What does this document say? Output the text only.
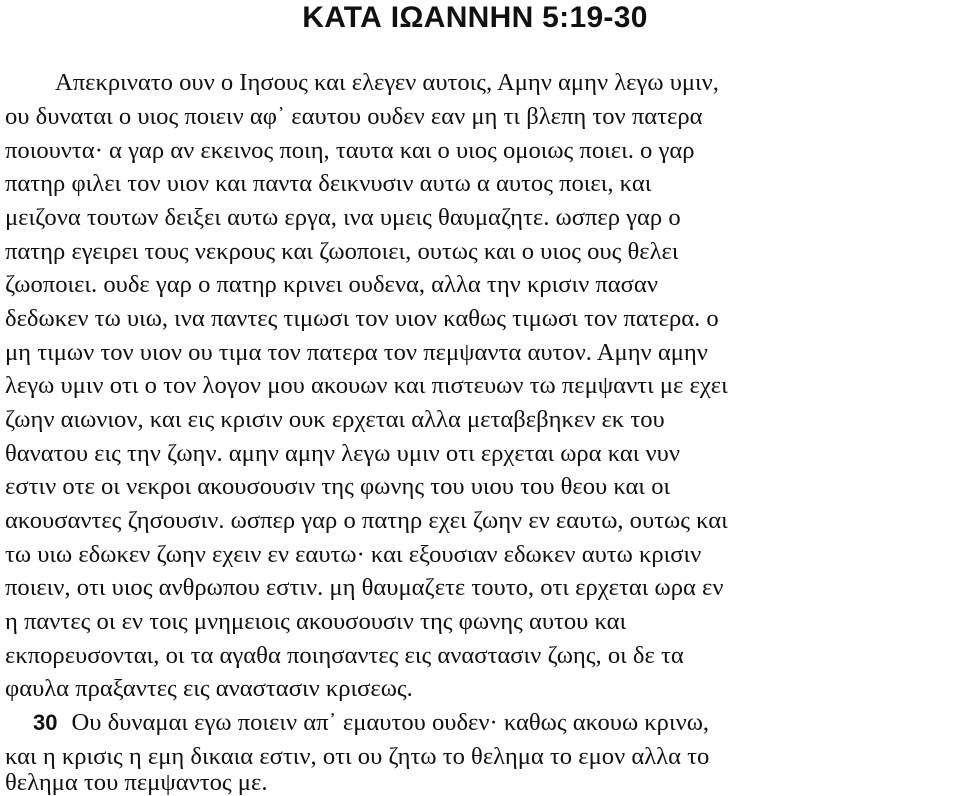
ΚΑΤΑ ΙΩΑΝΝΗΝ 5:19-30
Απεκρινατο ουν ο Ιησους και ελεγεν αυτοις, Αμην αμην λεγω υμιν,
ου δυναται ο υιος ποιειν αφ᾽ εαυτου ουδεν εαν μη τι βλεπη τον πατερα
ποιουντα· α γαρ αν εκεινος ποιη, ταυτα και ο υιος ομοιως ποιει. ο γαρ
πατηρ φιλει τον υιον και παντα δεικνυσιν αυτω α αυτος ποιει, και
μειζονα τουτων δειξει αυτω εργα, ινα υμεις θαυμαζητε. ωσπερ γαρ ο
πατηρ εγειρει τους νεκρους και ζωοποιει, ουτως και ο υιος ους θελει
ζωοποιει. ουδε γαρ ο πατηρ κρινει ουδενα, αλλα την κρισιν πασαν
δεδωκεν τω υιω, ινα παντες τιμωσι τον υιον καθως τιμωσι τον πατερα. ο
μη τιμων τον υιον ου τιμα τον πατερα τον πεμψαντα αυτον. Αμην αμην
λεγω υμιν οτι ο τον λογον μου ακουων και πιστευων τω πεμψαντι με εχει
ζωην αιωνιον, και εις κρισιν ουκ ερχεται αλλα μεταβεβηκεν εκ του
θανατου εις την ζωην. αμην αμην λεγω υμιν οτι ερχεται ωρα και νυν
εστιν οτε οι νεκροι ακουσουσιν της φωνης του υιου του θεου και οι
ακουσαντες ζησουσιν. ωσπερ γαρ ο πατηρ εχει ζωην εν εαυτω, ουτως και
τω υιω εδωκεν ζωην εχειν εν εαυτω· και εξουσιαν εδωκεν αυτω κρισιν
ποιειν, οτι υιος ανθρωπου εστιν. μη θαυμαζετε τουτο, οτι ερχεται ωρα εν
η παντες οι εν τοις μνημειοις ακουσουσιν της φωνης αυτου και
εκπορευσονται, οι τα αγαθα ποιησαντες εις αναστασιν ζωης, οι δε τα
φαυλα πραξαντες εις αναστασιν κρισεως.
30 Ου δυναμαι εγω ποιειν απ᾽ εμαυτου ουδεν· καθως ακουω κρινω,
και η κρισις η εμη δικαια εστιν, οτι ου ζητω το θελημα το εμον αλλα το
θελημα του πεμψαντος με.
